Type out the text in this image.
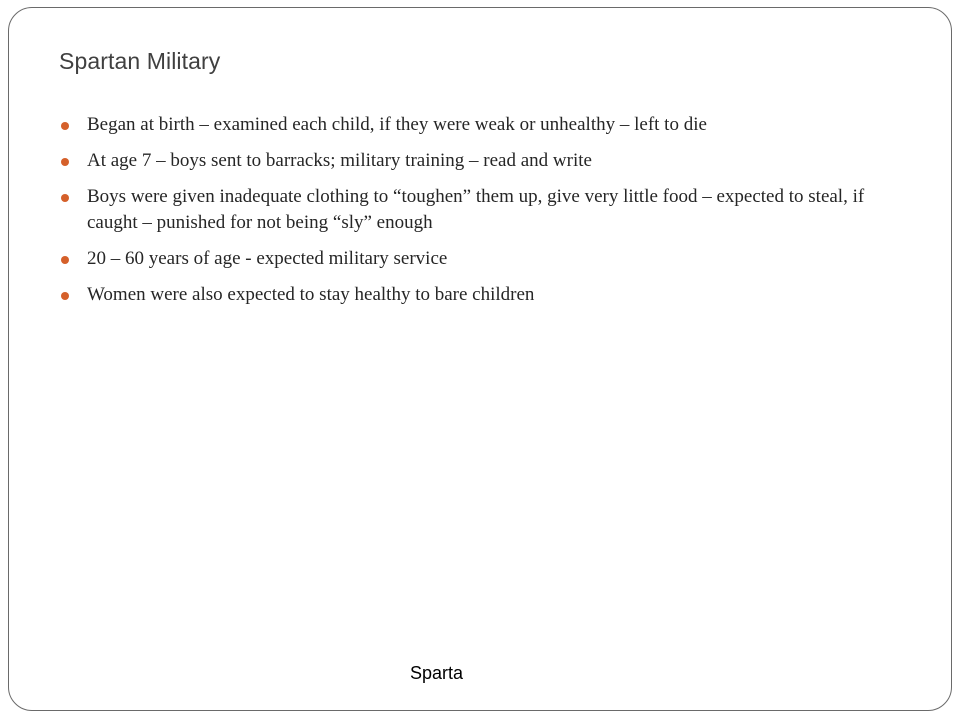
Spartan Military
Began at birth – examined each child, if they were weak or unhealthy – left to die
At age 7 – boys sent to barracks; military training – read and write
Boys were given inadequate clothing to “toughen” them up, give very little food – expected to steal, if caught – punished for not being “sly” enough
20 – 60 years of age - expected military service
Women were also expected to stay healthy to bare children
Sparta
